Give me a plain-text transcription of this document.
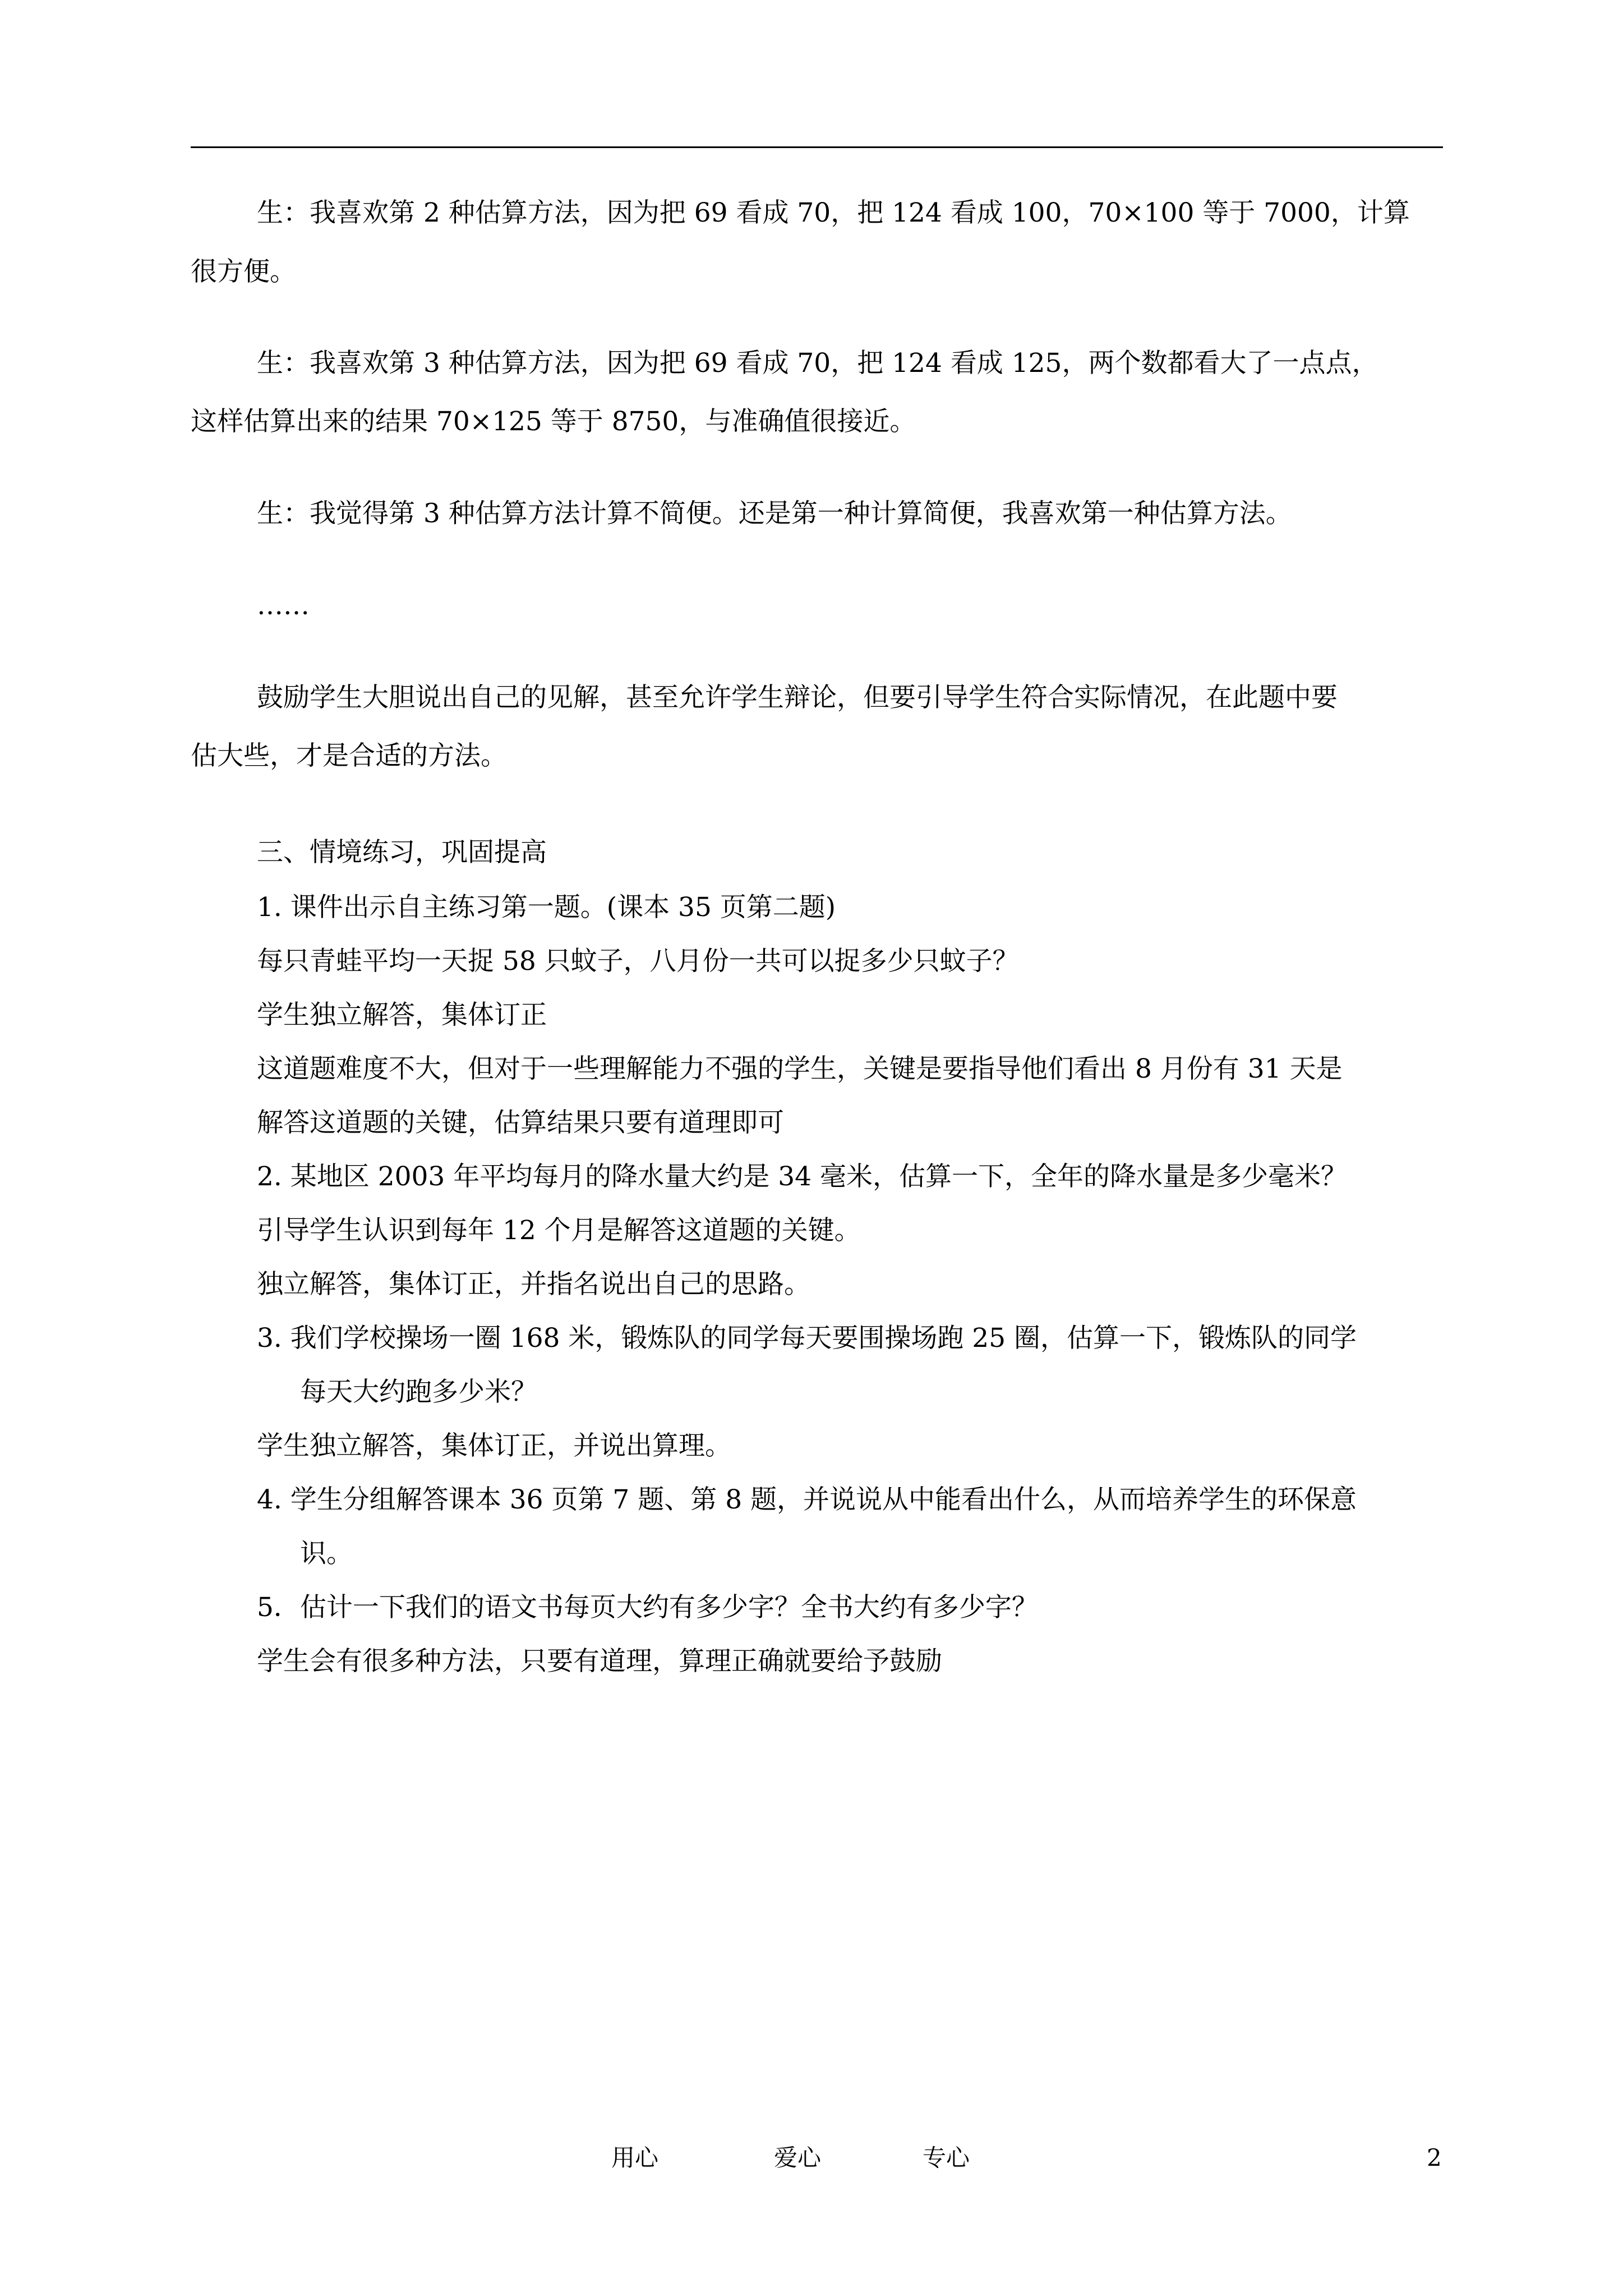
生：我喜欢第 2 种估算方法，因为把 69 看成 70，把 124 看成 100，70×100 等于 7000，计算
很方便。
生：我喜欢第 3 种估算方法，因为把 69 看成 70，把 124 看成 125，两个数都看大了一点点，
这样估算出来的结果 70×125 等于 8750，与准确值很接近。
生：我觉得第 3 种估算方法计算不简便。还是第一种计算简便，我喜欢第一种估算方法。
……
鼓励学生大胆说出自己的见解，甚至允许学生辩论，但要引导学生符合实际情况，在此题中要
估大些，才是合适的方法。
三、情境练习，巩固提高
1. 课件出示自主练习第一题。(课本 35 页第二题)
每只青蛙平均一天捉 58 只蚊子，八月份一共可以捉多少只蚊子？
学生独立解答，集体订正
这道题难度不大，但对于一些理解能力不强的学生，关键是要指导他们看出 8 月份有 31 天是
解答这道题的关键，估算结果只要有道理即可
2. 某地区 2003 年平均每月的降水量大约是 34 毫米，估算一下，全年的降水量是多少毫米？
引导学生认识到每年 12 个月是解答这道题的关键。
独立解答，集体订正，并指名说出自己的思路。
3. 我们学校操场一圈 168 米，锻炼队的同学每天要围操场跑 25 圈，估算一下，锻炼队的同学
每天大约跑多少米？
学生独立解答，集体订正，并说出算理。
4. 学生分组解答课本 36 页第 7 题、第 8 题，并说说从中能看出什么，从而培养学生的环保意
识。
5．估计一下我们的语文书每页大约有多少字？全书大约有多少字？
学生会有很多种方法，只要有道理，算理正确就要给予鼓励
用心	爱心	专心	2
